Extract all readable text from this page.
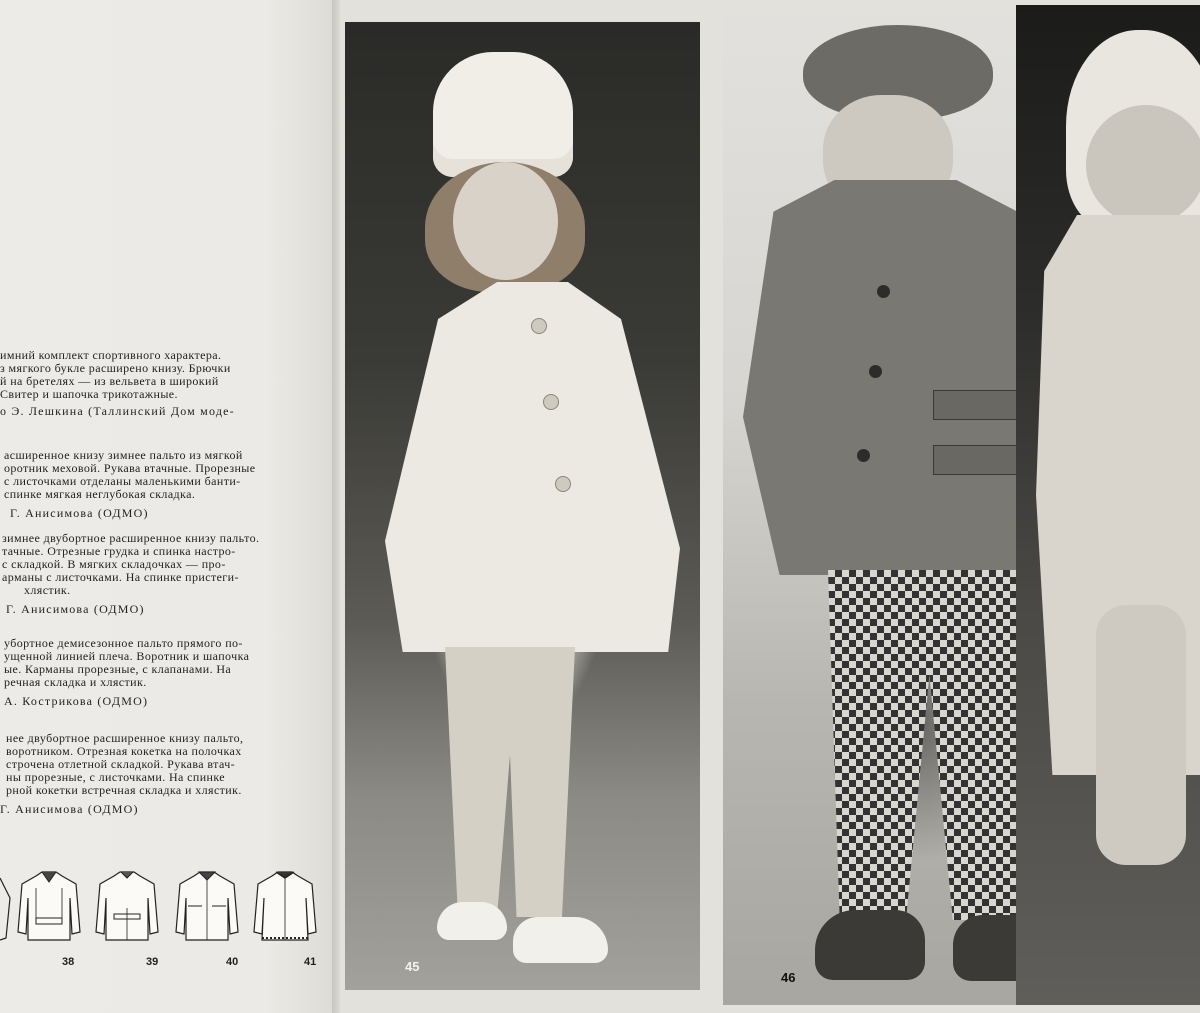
имний комплект спортивного характера.
з мягкого букле расширено книзу. Брючки
й на бретелях — из вельвета в широкий
Свитер и шапочка трикотажные.
о Э. Лешкина (Таллинский Дом моде-
асширенное книзу зимнее пальто из мягкой
оротник меховой. Рукава втачные. Прорезные
с листочками отделаны маленькими банти-
спинке мягкая неглубокая складка.
Г. Анисимова (ОДМО)
зимнее двубортное расширенное книзу пальто.
тачные. Отрезные грудка и спинка настро-
с складкой. В мягких складочках — про-
арманы с листочками. На спинке пристеги-
хлястик.
Г. Анисимова (ОДМО)
убортное демисезонное пальто прямого по-
ущенной линией плеча. Воротник и шапочка
ые. Карманы прорезные, с клапанами. На
речная складка и хлястик.
А. Кострикова (ОДМО)
нее двубортное расширенное книзу пальто,
воротником. Отрезная кокетка на полочках
строчена отлетной складкой. Рукава втач-
ны прорезные, с листочками. На спинке
рной кокетки встречная складка и хлястик.
Г. Анисимова (ОДМО)
38	39	40	41	45
46
